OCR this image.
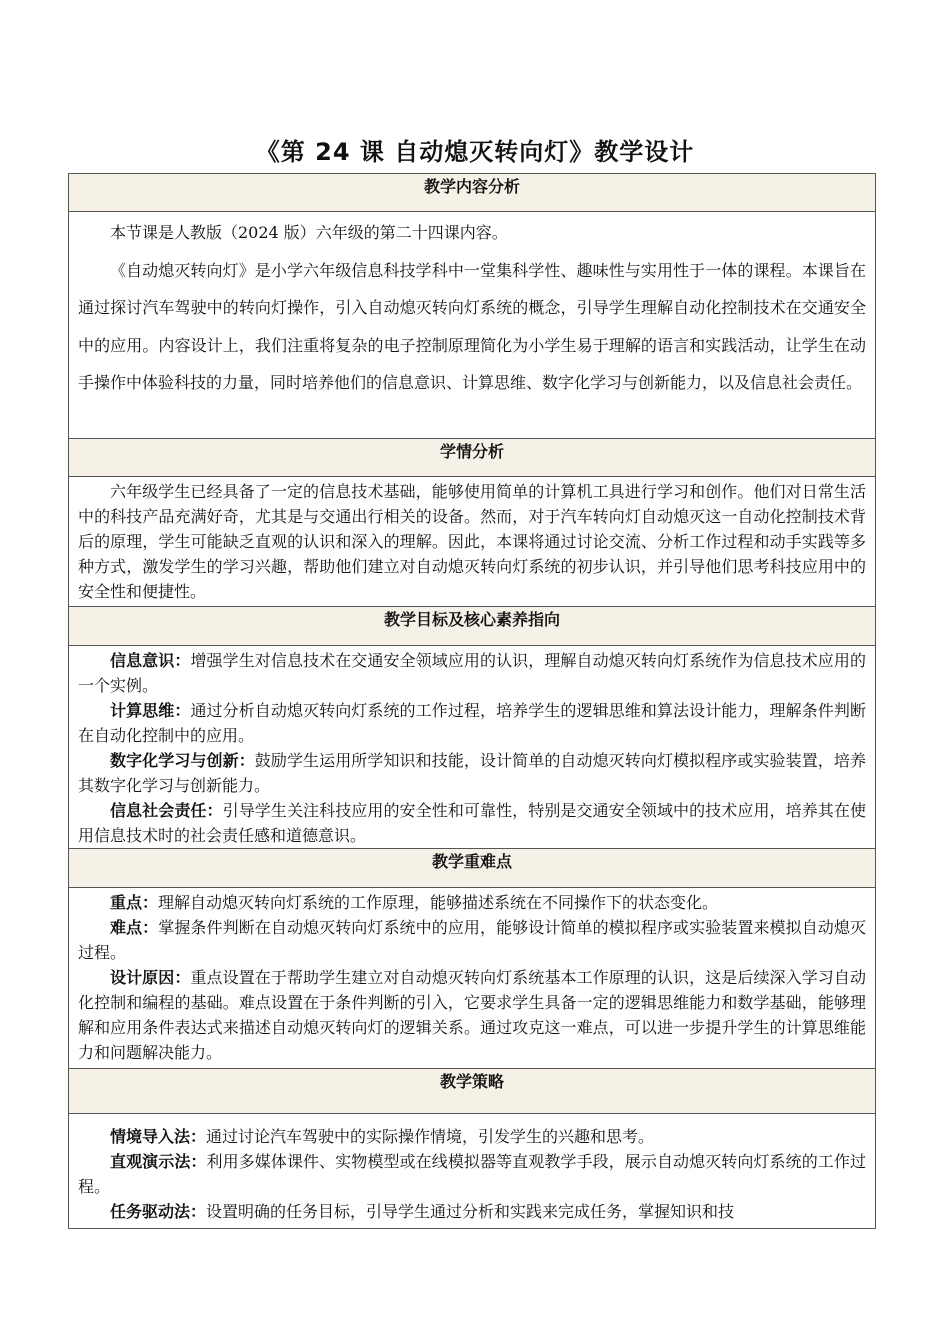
《第 24 课 自动熄灭转向灯》教学设计
教学内容分析

本节课是人教版（2024 版）六年级的第二十四课内容。

《自动熄灭转向灯》是小学六年级信息科技学科中一堂集科学性、趣味性与实用性于一体的课程。本课旨在通过探讨汽车驾驶中的转向灯操作，引入自动熄灭转向灯系统的概念，引导学生理解自动化控制技术在交通安全中的应用。内容设计上，我们注重将复杂的电子控制原理简化为小学生易于理解的语言和实践活动，让学生在动手操作中体验科技的力量，同时培养他们的信息意识、计算思维、数字化学习与创新能力，以及信息社会责任。

学情分析

六年级学生已经具备了一定的信息技术基础，能够使用简单的计算机工具进行学习和创作。他们对日常生活中的科技产品充满好奇，尤其是与交通出行相关的设备。然而，对于汽车转向灯自动熄灭这一自动化控制技术背后的原理，学生可能缺乏直观的认识和深入的理解。因此，本课将通过讨论交流、分析工作过程和动手实践等多种方式，激发学生的学习兴趣，帮助他们建立对自动熄灭转向灯系统的初步认识，并引导他们思考科技应用中的安全性和便捷性。

教学目标及核心素养指向

信息意识：增强学生对信息技术在交通安全领域应用的认识，理解自动熄灭转向灯系统作为信息技术应用的一个实例。

计算思维：通过分析自动熄灭转向灯系统的工作过程，培养学生的逻辑思维和算法设计能力，理解条件判断在自动化控制中的应用。

数字化学习与创新：鼓励学生运用所学知识和技能，设计简单的自动熄灭转向灯模拟程序或实验装置，培养其数字化学习与创新能力。

信息社会责任：引导学生关注科技应用的安全性和可靠性，特别是交通安全领域中的技术应用，培养其在使用信息技术时的社会责任感和道德意识。

教学重难点

重点：理解自动熄灭转向灯系统的工作原理，能够描述系统在不同操作下的状态变化。

难点：掌握条件判断在自动熄灭转向灯系统中的应用，能够设计简单的模拟程序或实验装置来模拟自动熄灭过程。

设计原因：重点设置在于帮助学生建立对自动熄灭转向灯系统基本工作原理的认识，这是后续深入学习自动化控制和编程的基础。难点设置在于条件判断的引入，它要求学生具备一定的逻辑思维能力和数学基础，能够理解和应用条件表达式来描述自动熄灭转向灯的逻辑关系。通过攻克这一难点，可以进一步提升学生的计算思维能力和问题解决能力。

教学策略

情境导入法：通过讨论汽车驾驶中的实际操作情境，引发学生的兴趣和思考。

直观演示法：利用多媒体课件、实物模型或在线模拟器等直观教学手段，展示自动熄灭转向灯系统的工作过程。

任务驱动法：设置明确的任务目标，引导学生通过分析和实践来完成任务，掌握知识和技
